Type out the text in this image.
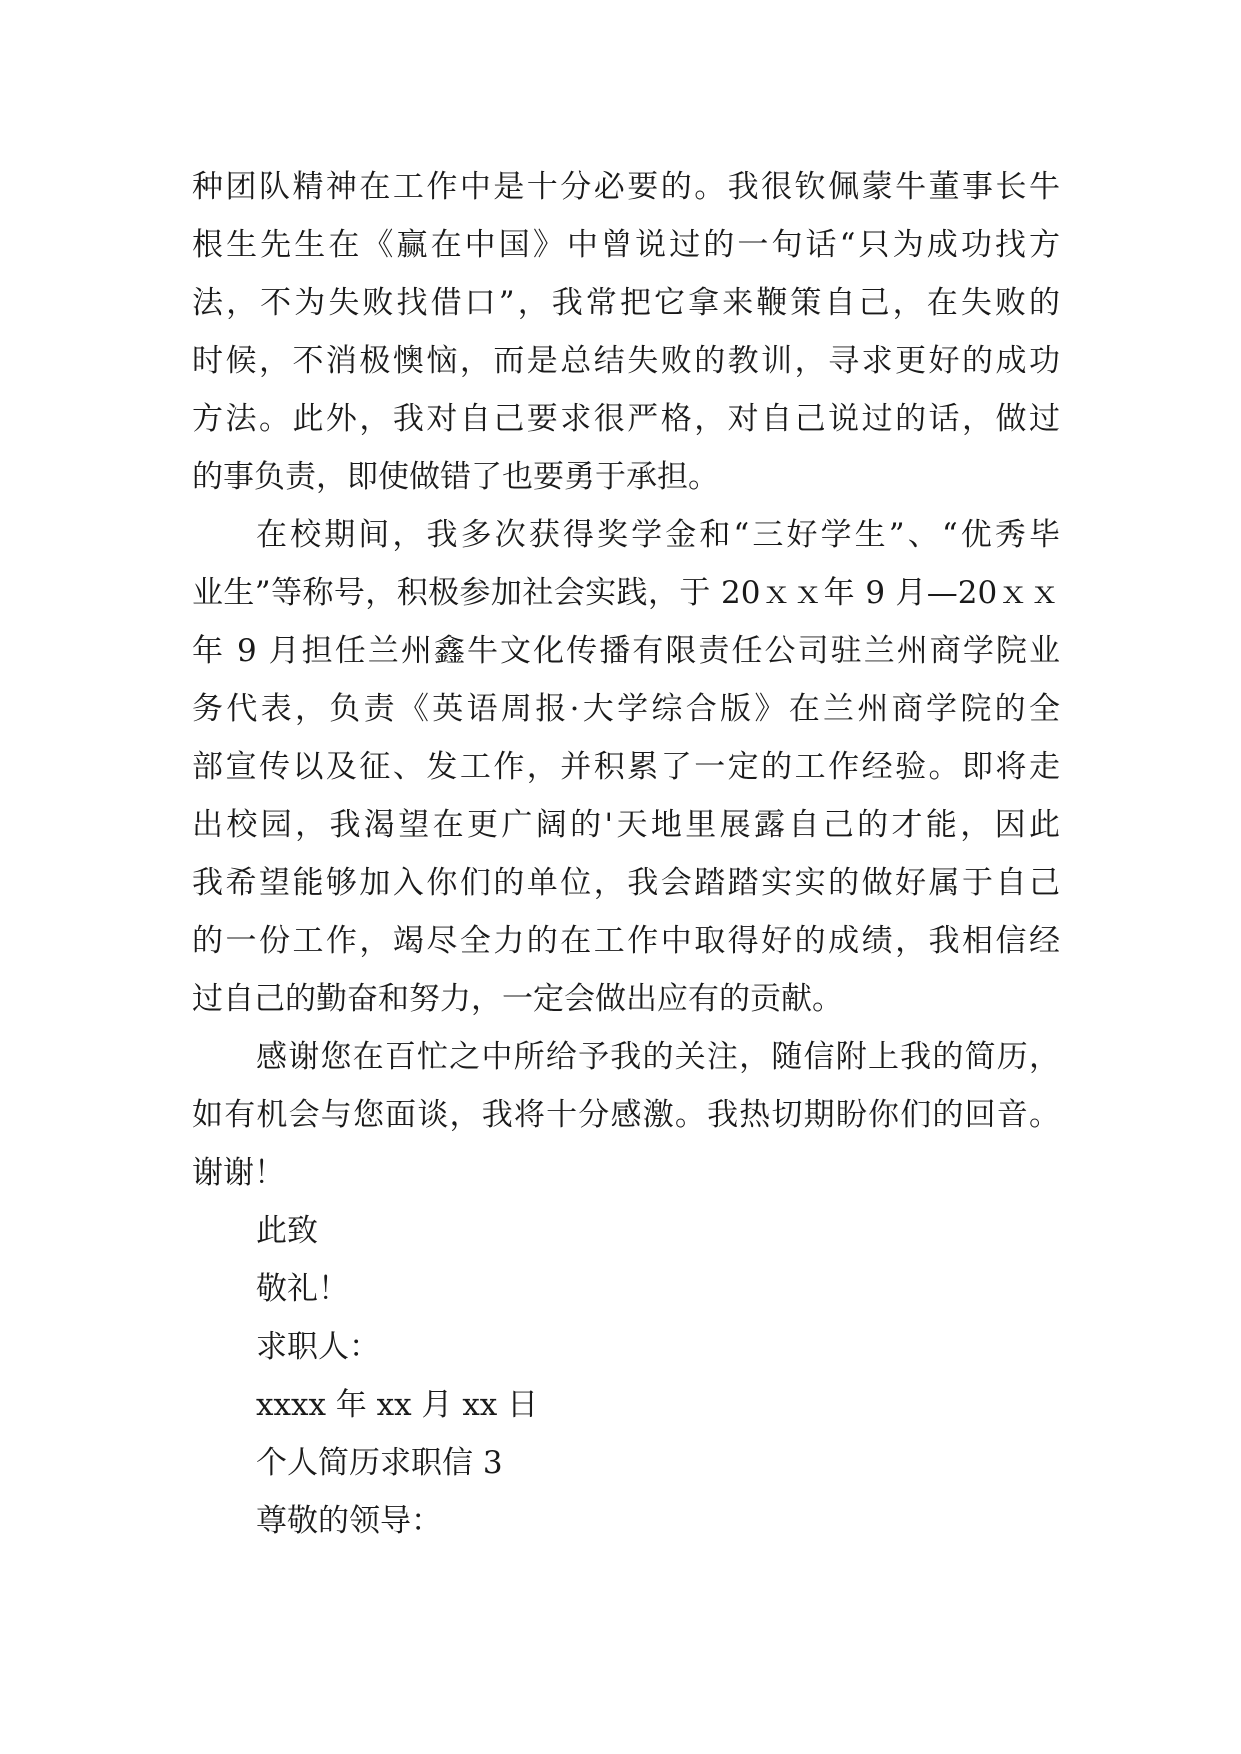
种团队精神在工作中是十分必要的。我很钦佩蒙牛董事长牛
根生先生在《赢在中国》中曾说过的一句话“只为成功找方
法，不为失败找借口”，我常把它拿来鞭策自己，在失败的
时候，不消极懊恼，而是总结失败的教训，寻求更好的成功
方法。此外，我对自己要求很严格，对自己说过的话，做过
的事负责，即使做错了也要勇于承担。
在校期间，我多次获得奖学金和“三好学生”、“优秀毕
业生”等称号，积极参加社会实践，于 20ｘｘ年 9 月—20ｘｘ
年 9 月担任兰州鑫牛文化传播有限责任公司驻兰州商学院业
务代表，负责《英语周报·大学综合版》在兰州商学院的全
部宣传以及征、发工作，并积累了一定的工作经验。即将走
出校园，我渴望在更广阔的'天地里展露自己的才能，因此
我希望能够加入你们的单位，我会踏踏实实的做好属于自己
的一份工作，竭尽全力的在工作中取得好的成绩，我相信经
过自己的勤奋和努力，一定会做出应有的贡献。
感谢您在百忙之中所给予我的关注，随信附上我的简历，
如有机会与您面谈，我将十分感激。我热切期盼你们的回音。
谢谢！
此致
敬礼！
求职人：
xxxx 年 xx 月 xx 日
个人简历求职信 3
尊敬的领导：
